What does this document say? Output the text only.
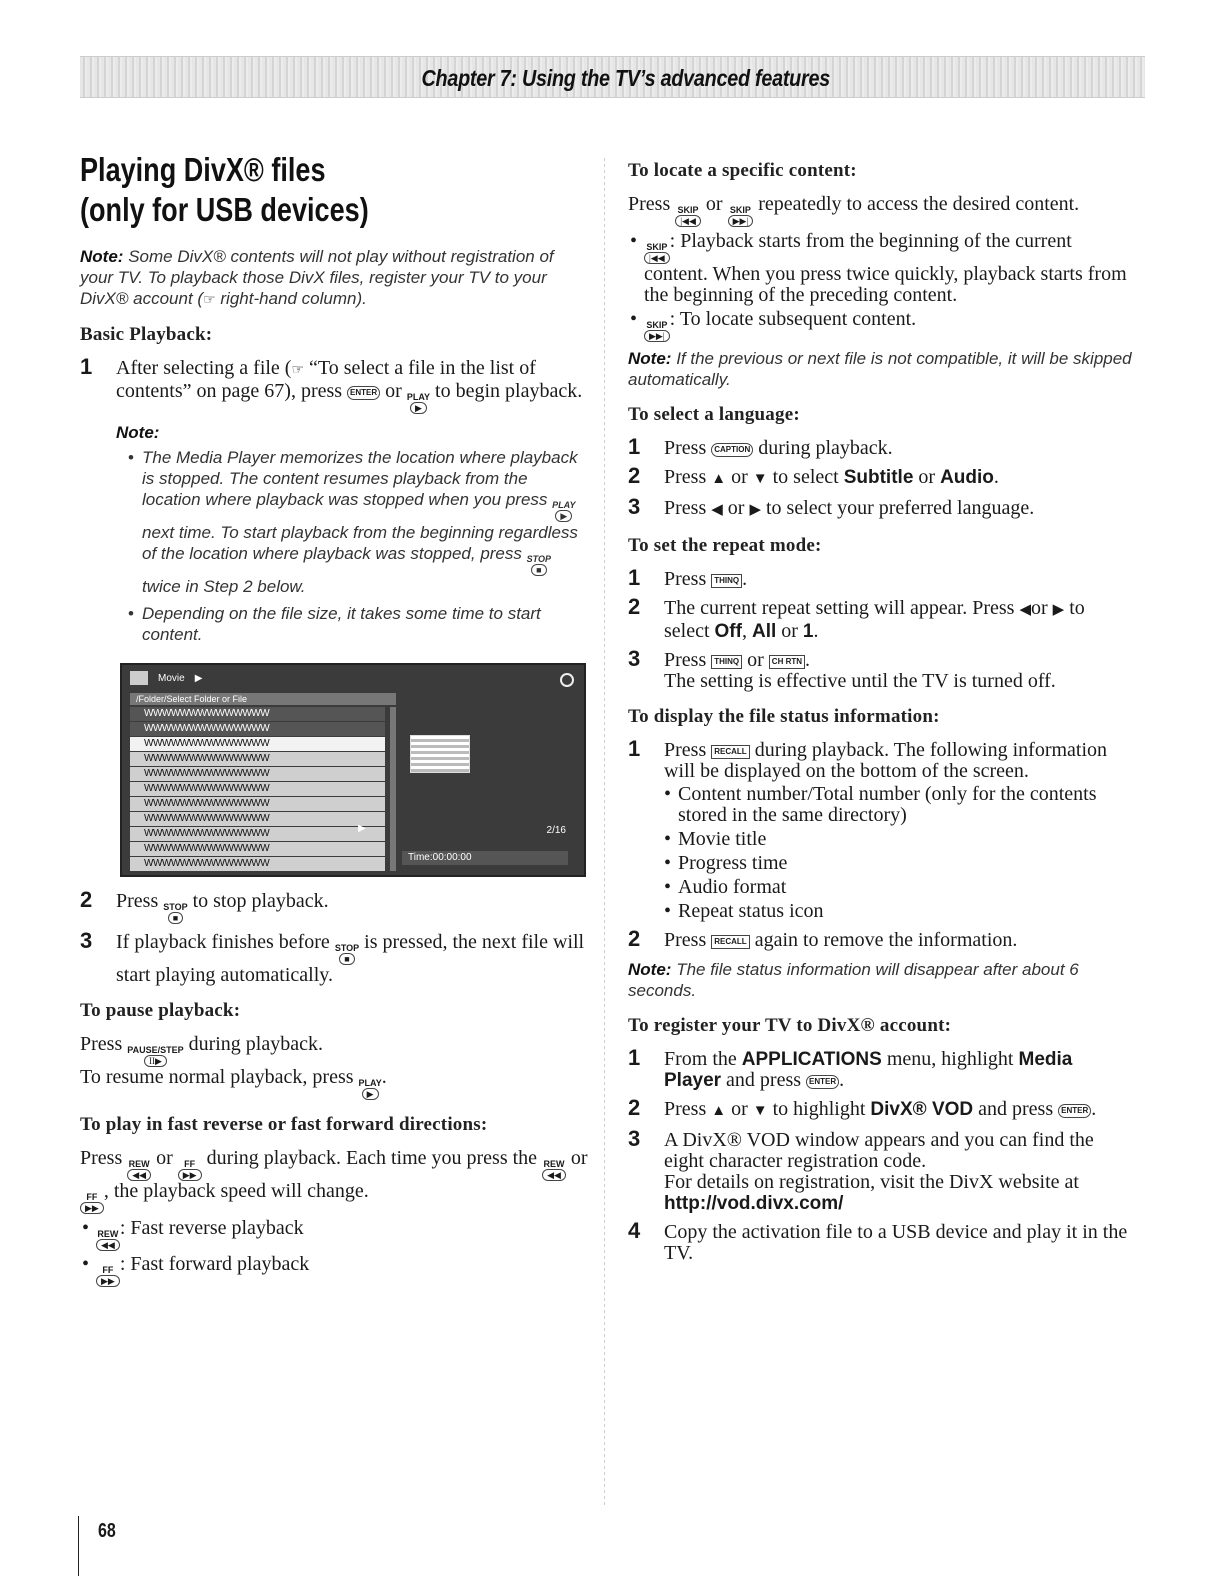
Chapter 7: Using the TV’s advanced features
Playing DivX® files
(only for USB devices)

Note: Some DivX® contents will not play without registration of your TV. To playback those DivX files, register your TV to your DivX® account (☞ right-hand column).

Basic Playback:
1 After selecting a file (☞ “To select a file in the list of contents” on page 67), press ENTER or PLAY
▶
to begin playback.
Note:
• The Media Player memorizes the location where playback is stopped. The content resumes playback from the location where playback was stopped when you press PLAY
▶
next time. To start playback from the beginning regardless of the location where playback was stopped, press STOP
■
twice in Step 2 below.
• Depending on the file size, it takes some time to start content.
Movie ▶
/Folder/Select Folder or File
WWWWWWWWWWWWWW
WWWWWWWWWWWWWW
WWWWWWWWWWWWWW
WWWWWWWWWWWWWW
WWWWWWWWWWWWWW
WWWWWWWWWWWWWW
WWWWWWWWWWWWWW
WWWWWWWWWWWWWW
WWWWWWWWWWWWWW
WWWWWWWWWWWWWW
WWWWWWWWWWWWWW
▶	2/16
Time:00:00:00
2 Press STOP
■
to stop playback.
3 If playback finishes before STOP
■
is pressed, the next file will start playing automatically.
To pause playback:

Press PAUSE/STEP
II▶
during playback.
To resume normal playback, press PLAY
▶
.

To play in fast reverse or fast forward directions:

Press REW
◀◀
or FF
▶▶
during playback. Each time you press the REW
◀◀
or
FF
▶▶
, the playback speed will change.

• REW
◀◀
: Fast reverse playback
• FF
▶▶
: Fast forward playback
To locate a specific content:

Press SKIP
|◀◀
or SKIP
▶▶|
repeatedly to access the desired content.

• SKIP
|◀◀
: Playback starts from the beginning of the current content. When you press twice quickly, playback starts from the beginning of the preceding content.
• SKIP
▶▶|
: To locate subsequent content.

Note: If the previous or next file is not compatible, it will be skipped automatically.

To select a language:
1 Press CAPTION during playback.
2 Press ▲ or ▼ to select Subtitle or Audio.
3 Press ◀ or ▶ to select your preferred language.
To set the repeat mode:
1 Press THINQ .
2 The current repeat setting will appear. Press ◀or ▶ to select Off, All or 1.
3 Press THINQ or CH RTN .
The setting is effective until the TV is turned off.
To display the file status information:
1 Press RECALL during playback. The following information will be displayed on the bottom of the screen.
• Content number/Total number (only for the contents stored in the same directory)
• Movie title
• Progress time
• Audio format
• Repeat status icon
2 Press RECALL again to remove the information.

Note: The file status information will disappear after about 6 seconds.

To register your TV to DivX® account:
1 From the APPLICATIONS menu, highlight Media Player and press ENTER .
2 Press ▲ or ▼ to highlight DivX® VOD and press ENTER .
3 A DivX® VOD window appears and you can find the eight character registration code.
For details on registration, visit the DivX website at http://vod.divx.com/
4 Copy the activation file to a USB device and play it in the TV.
68
